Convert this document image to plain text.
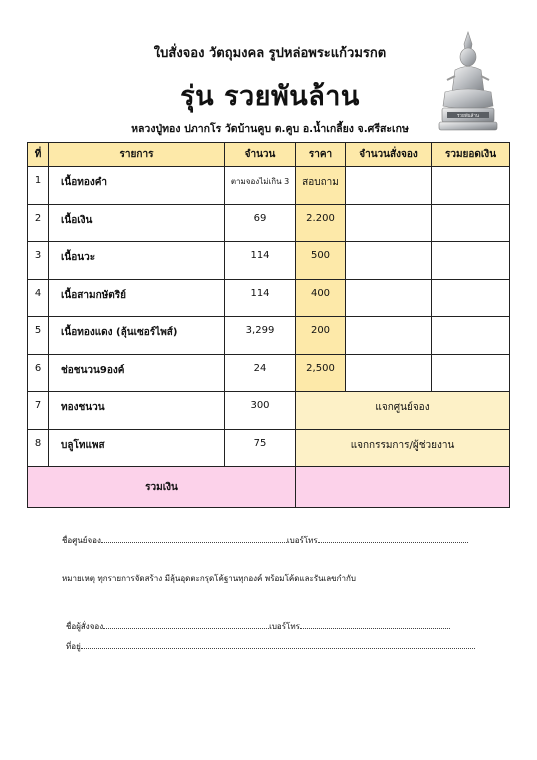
ใบสั่งจอง วัตถุมงคล รูปหล่อพระแก้วมรกต
รุ่น รวยพันล้าน
หลวงปู่ทอง ปภากโร วัดบ้านคูบ ต.คูบ อ.น้ำเกลี้ยง จ.ศรีสะเกษ
รวยพันล้าน
ที่	รายการ	จำนวน	ราคา	จำนวนสั่งจอง	รวมยอดเงิน
1	เนื้อทองคำ	ตามจองไม่เกิน 3	สอบถาม		
2	เนื้อเงิน	69	2.200		
3	เนื้อนวะ	114	500		
4	เนื้อสามกษัตริย์	114	400		
5	เนื้อทองแดง (ลุ้นเซอร์ไพส์)	3,299	200		
6	ช่อชนวน9องค์	24	2,500		
7	ทองชนวน	300	แจกศูนย์จอง		
8	บลูโทแพส	75	แจกกรรมการ/ผู้ช่วยงาน		
รวมเงิน					
ชื่อศูนย์จอง	เบอร์โทร
หมายเหตุ ทุกรายการจัดสร้าง มีลุ้นอุดตะกรุดโค้ฐานทุกองค์ พร้อมโค้ดและรันเลขกำกับ
ชื่อผู้สั่งจอง	เบอร์โทร
ที่อยู่
